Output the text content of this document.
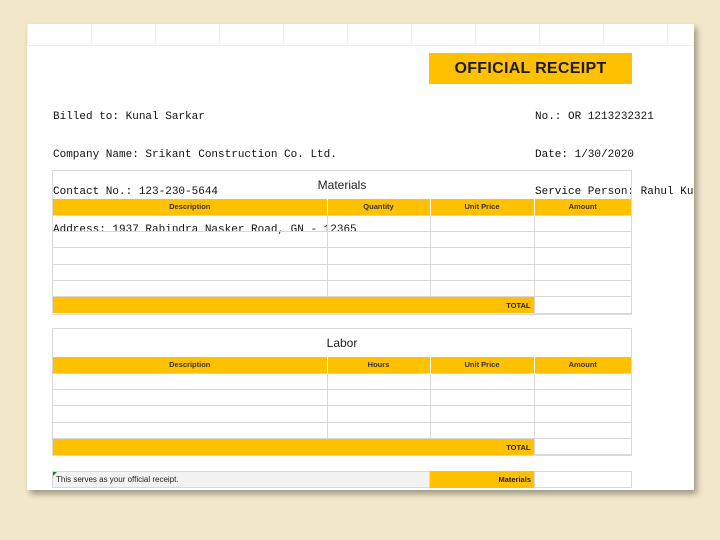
OFFICIAL RECEIPT

Billed to: Kunal Sarkar

Company Name: Srikant Construction Co. Ltd.

Contact No.: 123-230-5644

Address: 1937 Rabindra Nasker Road, GN - 12365

No.: OR 1213232321

Date: 1/30/2020

Service Person: Rahul Ku

Materials
Description	Quantity	Unit Price	Amount

TOTAL			
Labor
Description	Hours	Unit Price	Amount

TOTAL			
This serves as your official receipt.	Materials
